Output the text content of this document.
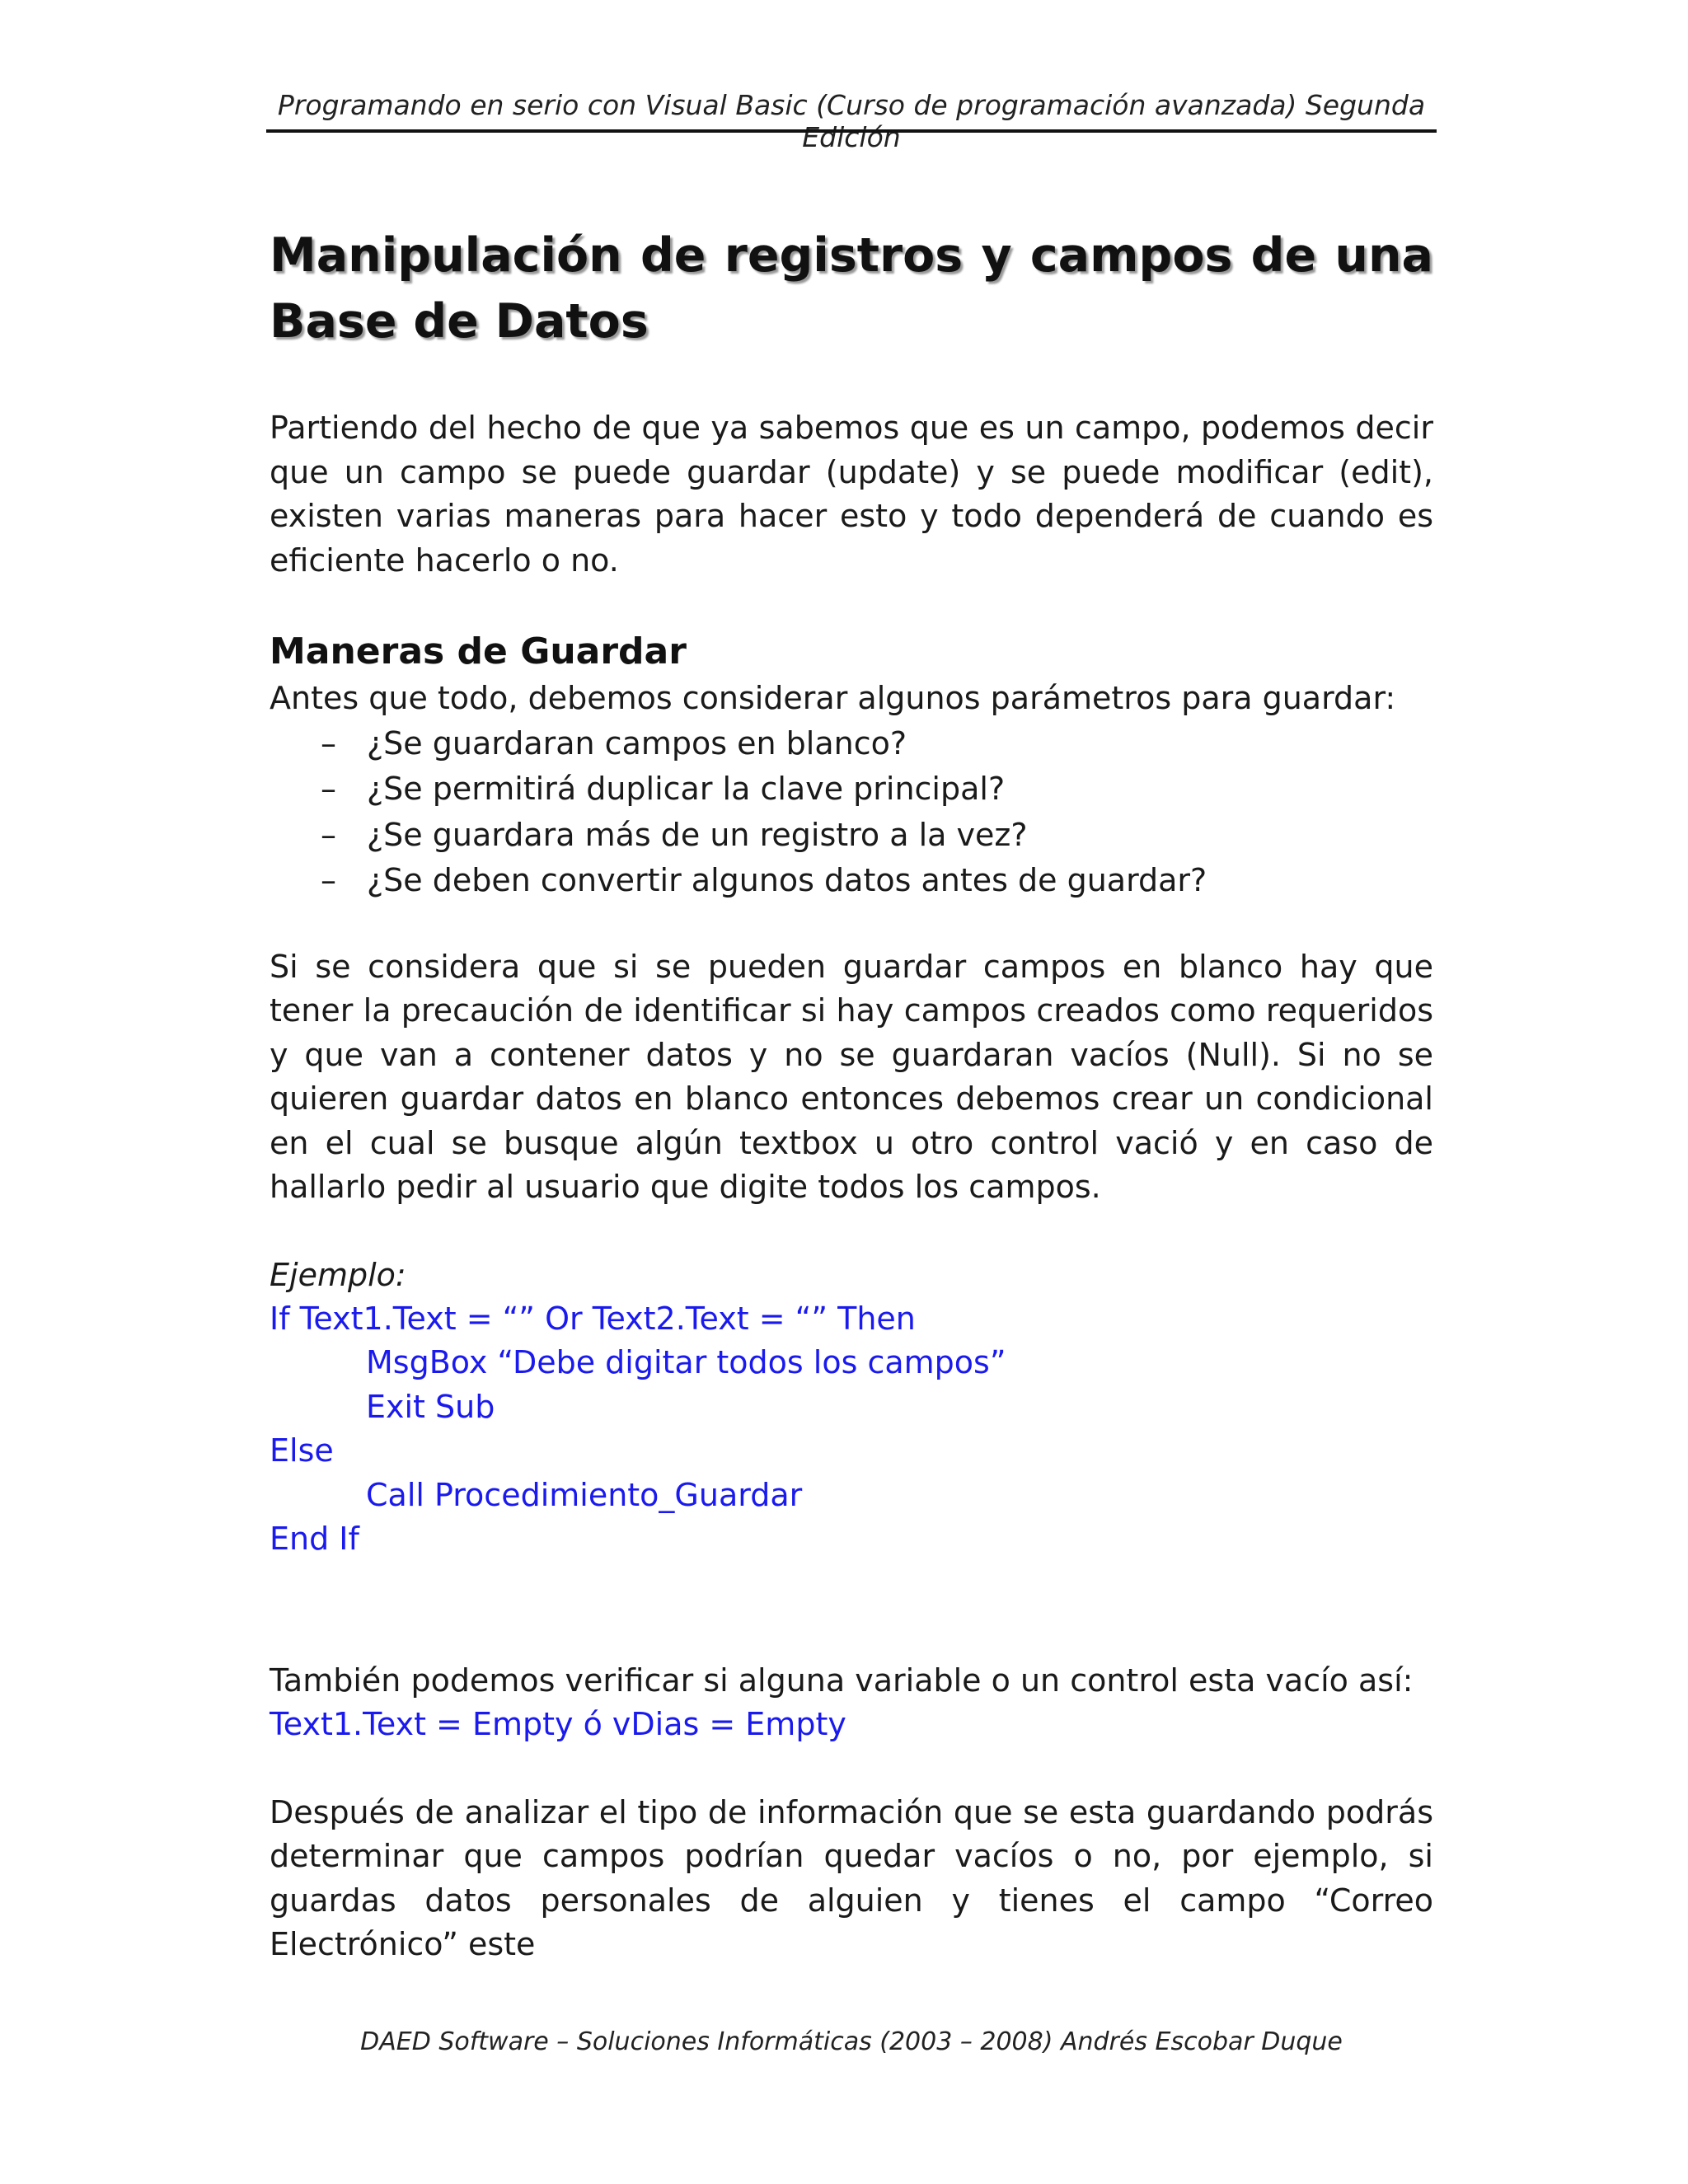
Programando en serio con Visual Basic (Curso de programación avanzada) Segunda Edición
Manipulación de registros y campos de una Base de Datos

Partiendo del hecho de que ya sabemos que es un campo, podemos decir que un campo se puede guardar (update) y se puede modificar (edit), existen varias maneras para hacer esto y todo dependerá de cuando es eficiente hacerlo o no.

Maneras de Guardar

Antes que todo, debemos considerar algunos parámetros para guardar:

– ¿Se guardaran campos en blanco?
– ¿Se permitirá duplicar la clave principal?
– ¿Se guardara más de un registro a la vez?
– ¿Se deben convertir algunos datos antes de guardar?

Si se considera que si se pueden guardar campos en blanco hay que tener la precaución de identificar si hay campos creados como requeridos y que van a contener datos y no se guardaran vacíos (Null). Si no se quieren guardar datos en blanco entonces debemos crear un condicional en el cual se busque algún textbox u otro control vació y en caso de hallarlo pedir al usuario que digite todos los campos.

Ejemplo:
If Text1.Text = “” Or Text2.Text = “” Then
MsgBox “Debe digitar todos los campos”
Exit Sub
Else
Call Procedimiento_Guardar
End If

También podemos verificar si alguna variable o un control esta vacío así:

Text1.Text = Empty ó vDias = Empty

Después de analizar el tipo de información que se esta guardando podrás determinar que campos podrían quedar vacíos o no, por ejemplo, si guardas datos personales de alguien y tienes el campo “Correo Electrónico” este

DAED Software – Soluciones Informáticas (2003 – 2008) Andrés Escobar Duque
